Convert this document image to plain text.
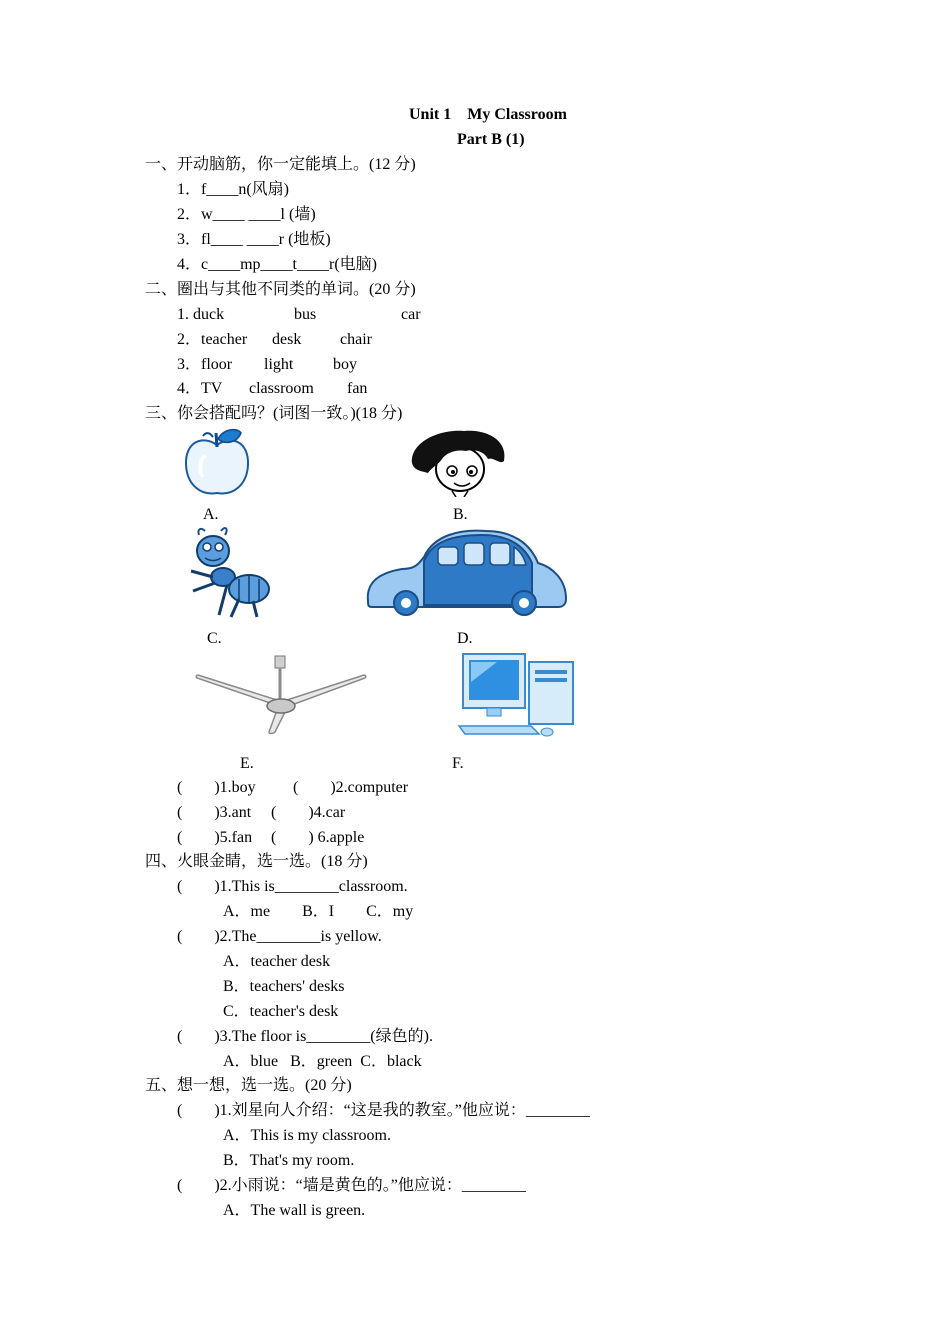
Unit 1　My Classroom
Part B (1)
一、开动脑筋，你一定能填上。(12 分)
1．f____n(风扇)
2．w____ ____l (墙)
3．fl____ ____r (地板)
4．c____mp____t____r(电脑)
二、圈出与其他不同类的单词。(20 分)
1. duck	bus	car
2．teacher desk chair
3．floor light boy
4．TV classroom fan
三、你会搭配吗？(词图一致。)(18 分)
A.	B.
C.	D.
E.	F.
(        )1.boy (        )2.computer
(        )3.ant (        )4.car
(        )5.fan (        ) 6.apple
四、火眼金睛，选一选。(18 分)
(        )1.This is________classroom.
A．me        B．I        C．my
(        )2.The________is yellow.
A．teacher desk
B．teachers' desks
C．teacher's desk
(        )3.The floor is________(绿色的).
A．blue   B．green  C．black
五、想一想，选一选。(20 分)
(        )1.刘星向人介绍：“这是我的教室。”他应说：________
A．This is my classroom.
B．That's my room.
(        )2.小雨说：“墙是黄色的。”他应说：________
A．The wall is green.
